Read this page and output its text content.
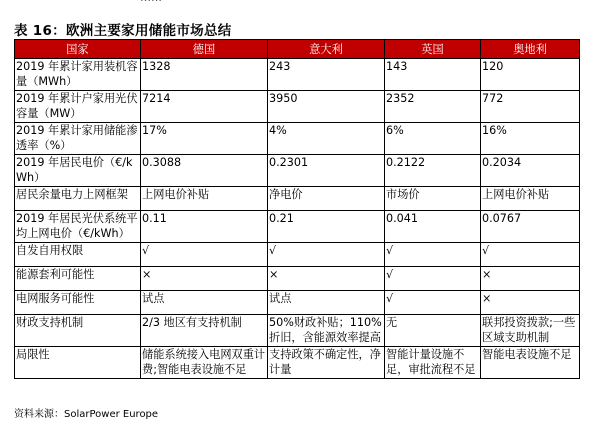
表 16：欧洲主要家用储能市场总结
国家	德国	意大利	英国	奥地利
2019 年累计家用装机容量（MWh）	1328	243	143	120
2019 年累计户家用光伏容量（MW）	7214	3950	2352	772
2019 年累计家用储能渗透率（%）	17%	4%	6%	16%
2019 年居民电价（€/kWh）	0.3088	0.2301	0.2122	0.2034
居民余量电力上网框架	上网电价补贴	净电价	市场价	上网电价补贴
2019 年居民光伏系统平均上网电价（€/kWh）	0.11	0.21	0.041	0.0767
自发自用权限	√	√	√	√
能源套利可能性	×	×	√	×
电网服务可能性	试点	试点	√	×
财政支持机制	2/3 地区有支持机制	50%财政补贴；110%折旧，含能源效率提高	无	联邦投资拨款;一些区域支助机制
局限性	储能系统接入电网双重计费;智能电表设施不足	支持政策不确定性，净计量	智能计量设施不足，审批流程不足	智能电表设施不足
资料来源：SolarPower Europe
